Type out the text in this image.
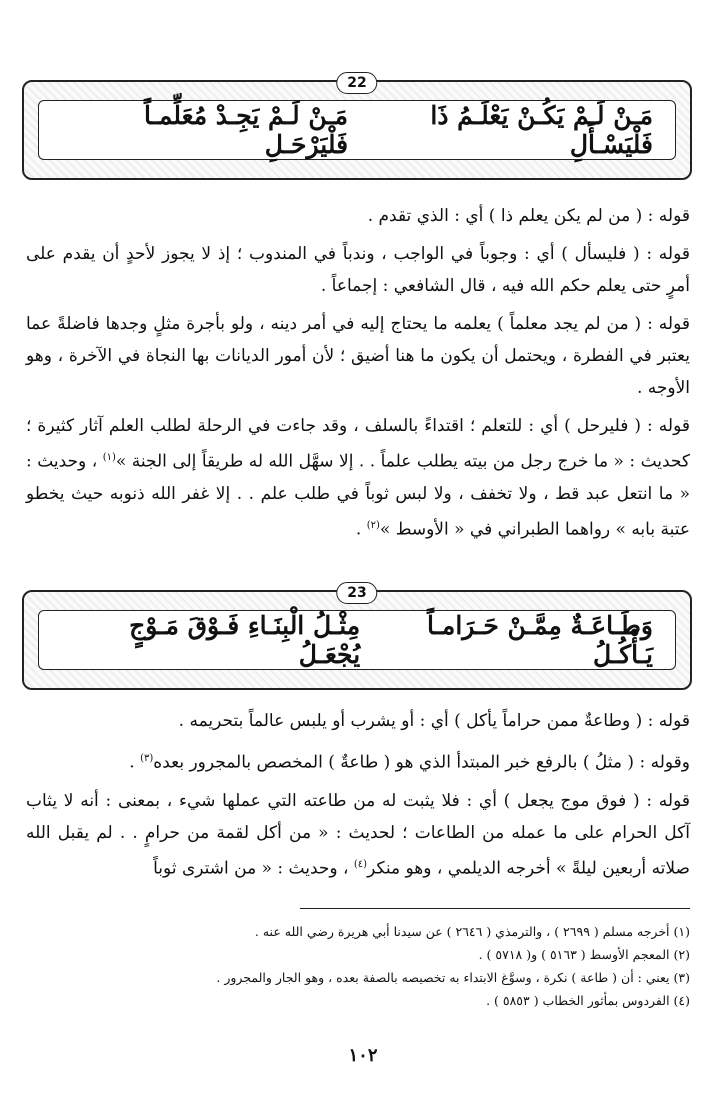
مَـنْ لَـمْ يَكُـنْ يَعْلَـمُ ذَا فَلْيَسْـأَلِ
مَـنْ لَـمْ يَجِـدْ مُعَلِّمـاً فَلْيَرْحَـلِ
22

قوله : ( من لم يكن يعلم ذا ) أي : الذي تقدم .

قوله : ( فليسأل ) أي : وجوباً في الواجب ، وندباً في المندوب ؛ إذ لا يجوز لأحدٍ أن يقدم على أمرٍ حتى يعلم حكم الله فيه ، قال الشافعي : إجماعاً .

قوله : ( من لم يجد معلماً ) يعلمه ما يحتاج إليه في أمر دينه ، ولو بأجرة مثلٍ وجدها فاضلةً عما يعتبر في الفطرة ، ويحتمل أن يكون ما هنا أضيق ؛ لأن أمور الديانات بها النجاة في الآخرة ، وهو الأوجه .

قوله : ( فليرحل ) أي : للتعلم ؛ اقتداءً بالسلف ، وقد جاءت في الرحلة لطلب العلم آثار كثيرة ؛ كحديث : « ما خرج رجل من بيته يطلب علماً . . إلا سهَّل الله له طريقاً إلى الجنة »$^{(١)}$ ، وحديث : « ما انتعل عبد قط ، ولا تخفف ، ولا لبس ثوباً في طلب علم . . إلا غفر الله ذنوبه حيث يخطو عتبة بابه » رواهما الطبراني في « الأوسط »$^{(٢)}$ .

وَطَـاعَـةٌ مِمَّـنْ حَـرَامـاً يَـأْكُـلُ
مِثْـلُ الْبِنَـاءِ فَـوْقَ مَـوْجٍ يُجْعَـلُ
23

قوله : ( وطاعةٌ ممن حراماً يأكل ) أي : أو يشرب أو يلبس عالماً بتحريمه .

وقوله : ( مثلُ ) بالرفع خبر المبتدأ الذي هو ( طاعةٌ ) المخصص بالمجرور بعده$^{(٣)}$ .

قوله : ( فوق موج يجعل ) أي : فلا يثبت له من طاعته التي عملها شيء ، بمعنى : أنه لا يثاب آكل الحرام على ما عمله من الطاعات ؛ لحديث : « من أكل لقمة من حرامٍ . . لم يقبل الله صلاته أربعين ليلةً » أخرجه الديلمي ، وهو منكر$^{(٤)}$ ، وحديث : « من اشترى ثوباً

(١) أخرجه مسلم ( ٢٦٩٩ ) ، والترمذي ( ٢٦٤٦ ) عن سيدنا أبي هريرة رضي الله عنه .
(٢) المعجم الأوسط ( ٥١٦٣ ) و( ٥٧١٨ ) .
(٣) يعني : أن ( طاعة ) نكرة ، وسوَّغ الابتداء به تخصيصه بالصفة بعده ، وهو الجار والمجرور .
(٤) الفردوس بمأثور الخطاب ( ٥٨٥٣ ) .
١٠٢
